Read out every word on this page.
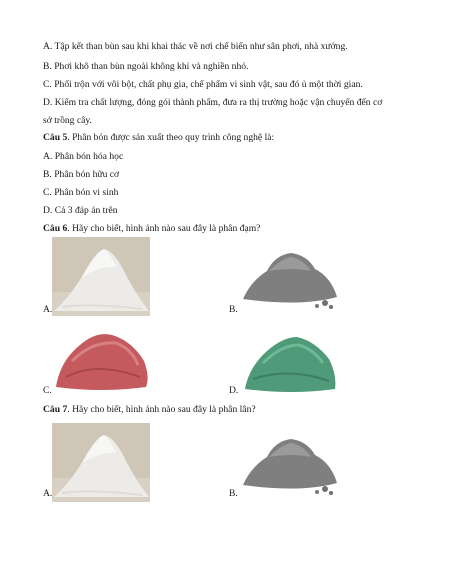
A. Tập kết than bùn sau khi khai thác về nơi chế biến như sân phơi, nhà xưởng.
B. Phơi khô than bùn ngoài không khí và nghiền nhỏ.
C. Phối trộn với vôi bột, chất phụ gia, chế phẩm vi sinh vật, sau đó ủ một thời gian.
D. Kiểm tra chất lượng, đóng gói thành phẩm, đưa ra thị trường hoặc vận chuyển đến cơ
sở trồng cây.
Câu 5. Phân bón được sản xuất theo quy trình công nghệ là:
A. Phân bón hóa học
B. Phân bón hữu cơ
C. Phân bón vi sinh
D. Cả 3 đáp án trên
Câu 6. Hãy cho biết, hình ảnh nào sau đây là phân đạm?
A.	B.
C.	D.
Câu 7. Hãy cho biết, hình ảnh nào sau đây là phân lân?
A.	B.
